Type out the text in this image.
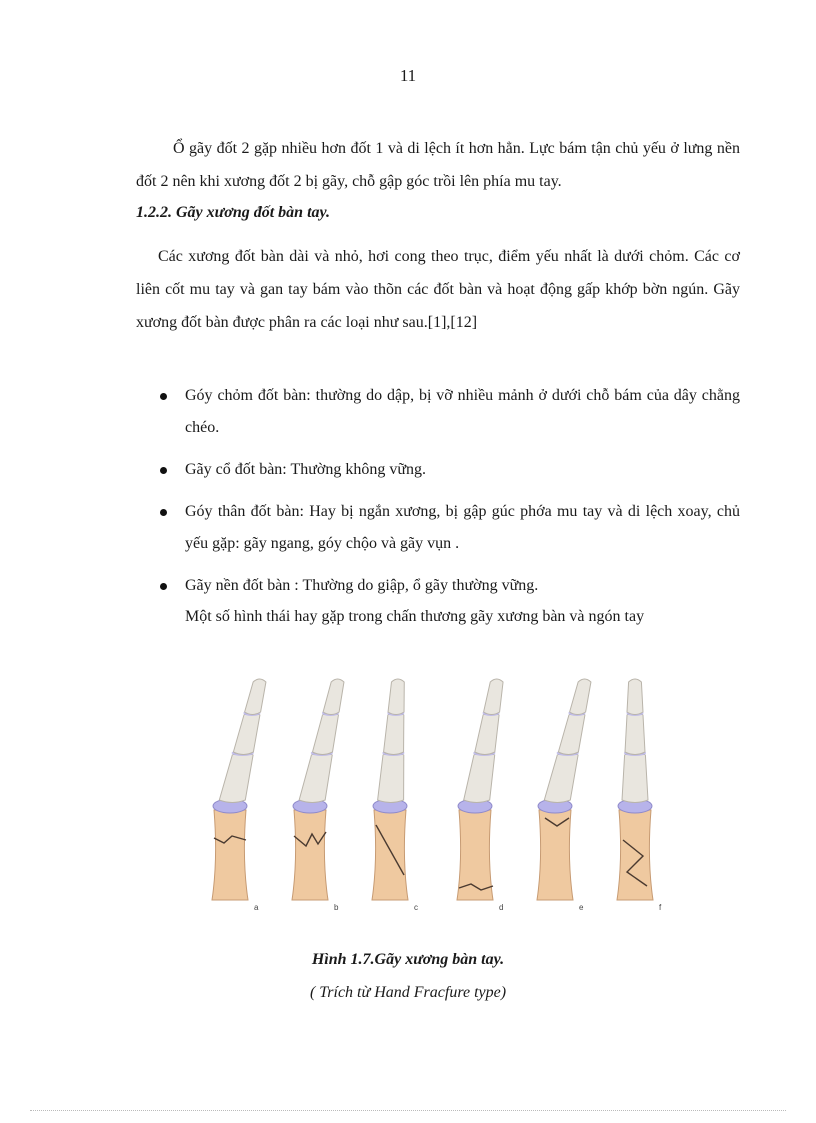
11

Ổ gãy đốt 2 gặp nhiều hơn đốt 1 và di lệch ít hơn hẳn. Lực bám tận chủ yếu ở lưng nền đốt 2 nên khi xương đốt 2 bị gãy, chỗ gập góc trồi lên phía mu tay.

1.2.2. Gãy xương đốt bàn tay.

Các xương đốt bàn dài và nhỏ, hơi cong theo trục, điểm yếu nhất là dưới chỏm. Các cơ liên cốt mu tay và gan tay bám vào thõn các đốt bàn và hoạt động gấp khớp bờn ngún. Gãy xương đốt bàn được phân ra các loại như sau.[1],[12]

Góy chỏm đốt bàn: thường do dập, bị vỡ nhiều mảnh ở dưới chỗ bám của dây chằng chéo.
Gãy cổ đốt bàn: Thường không vững.
Góy thân đốt bàn: Hay bị ngắn xương, bị gập gúc phớa mu tay và di lệch xoay, chủ yếu gặp: gãy ngang, góy chộo và gãy vụn .
Gãy nền đốt bàn : Thường do giập, ổ gãy thường vững.
Một số hình thái hay gặp trong chấn thương gãy xương bàn và ngón tay
a	b	c	d	e	f
Hình 1.7.Gãy xương bàn tay.
( Trích từ Hand Fracfure type)
